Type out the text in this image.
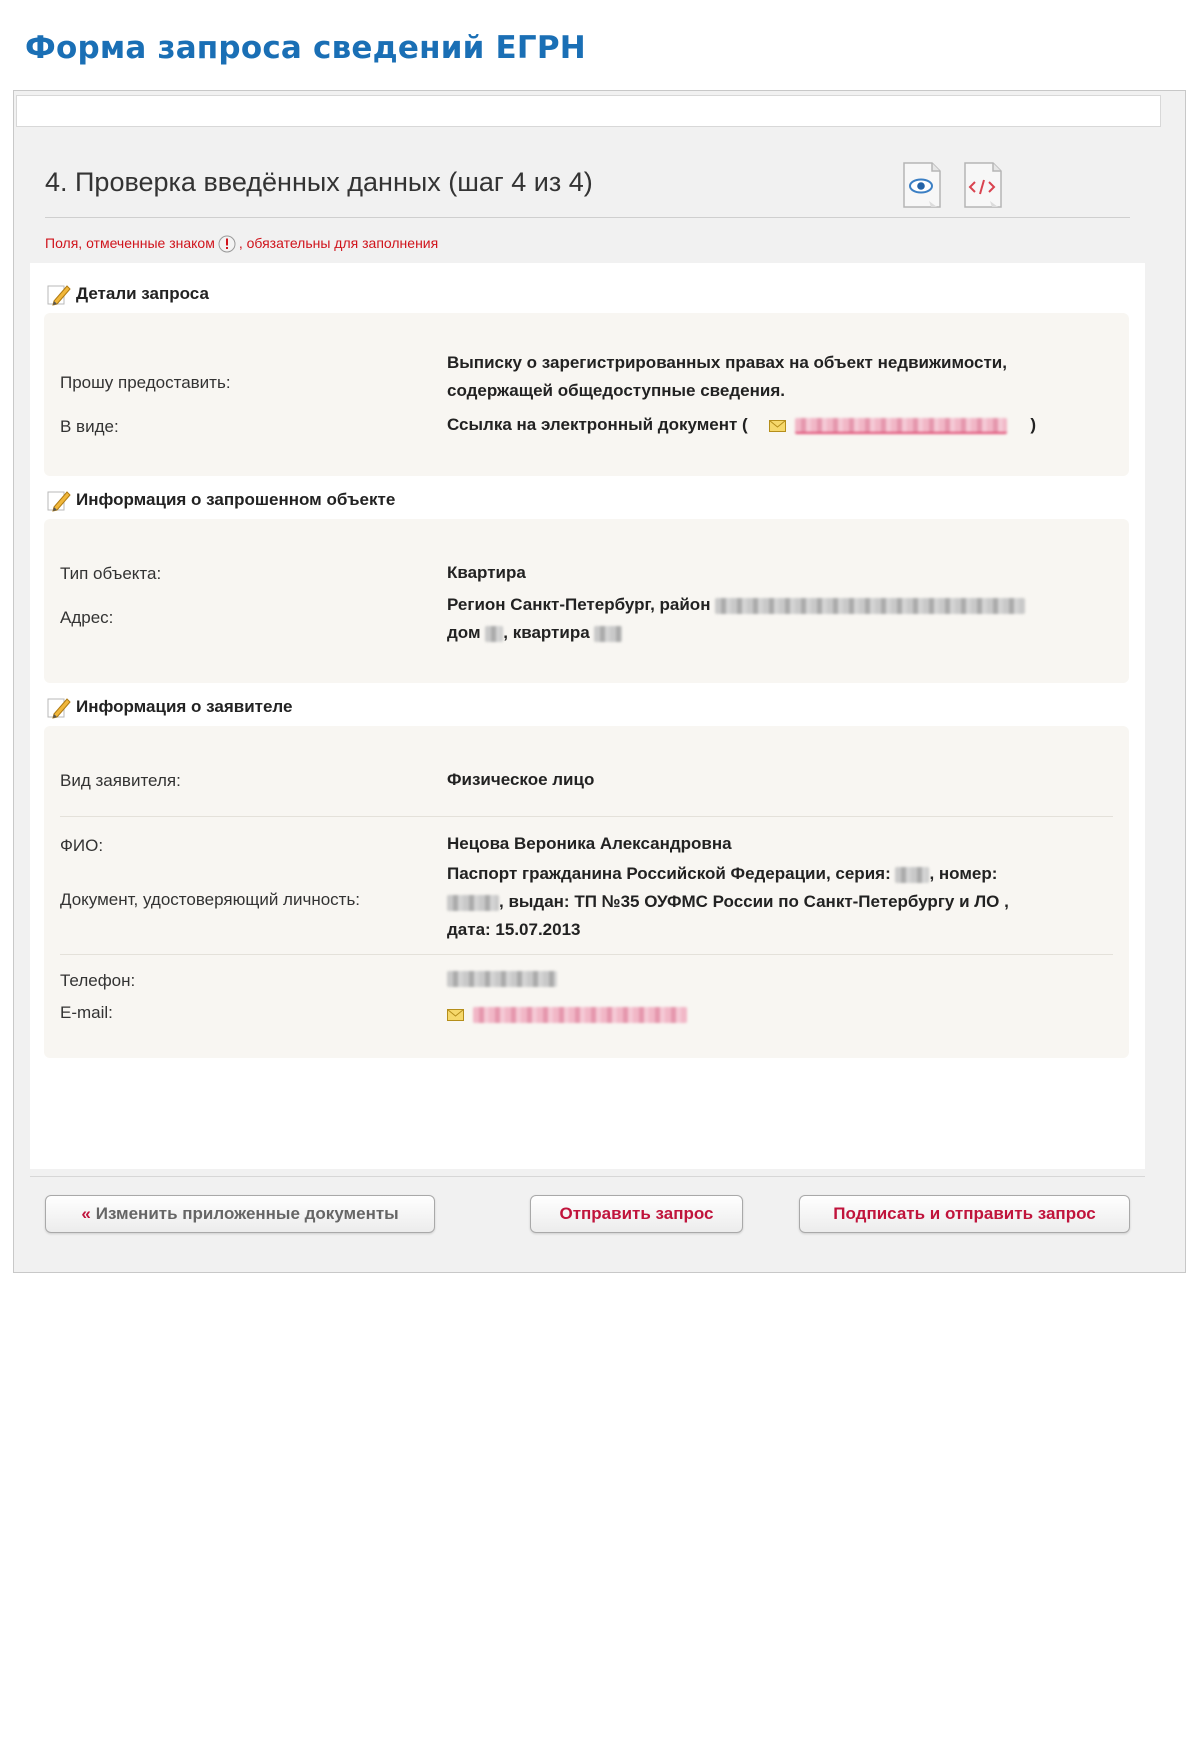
Форма запроса сведений ЕГРН
4. Проверка введённых данных (шаг 4 из 4)
Поля, отмеченные знаком , обязательны для заполнения
Детали запроса
Прошу предоставить:
Выписку о зарегистрированных правах на объект недвижимости,
содержащей общедоступные сведения.
В виде:	Ссылка на электронный документ (	)
Информация о запрошенном объекте
Тип объекта:	Квартира
Адрес:
Регион Санкт-Петербург, район
дом , квартира
Информация о заявителе
Вид заявителя:	Физическое лицо
ФИО:	Нецова Вероника Александровна
Документ, удостоверяющий личность:
Паспорт гражданина Российской Федерации, серия: , номер:
, выдан: ТП №35 ОУФМС России по Санкт-Петербургу и ЛО ,
дата: 15.07.2013
Телефон:
E-mail:

« Изменить приложенные документы	Отправить запрос	Подписать и отправить запрос
